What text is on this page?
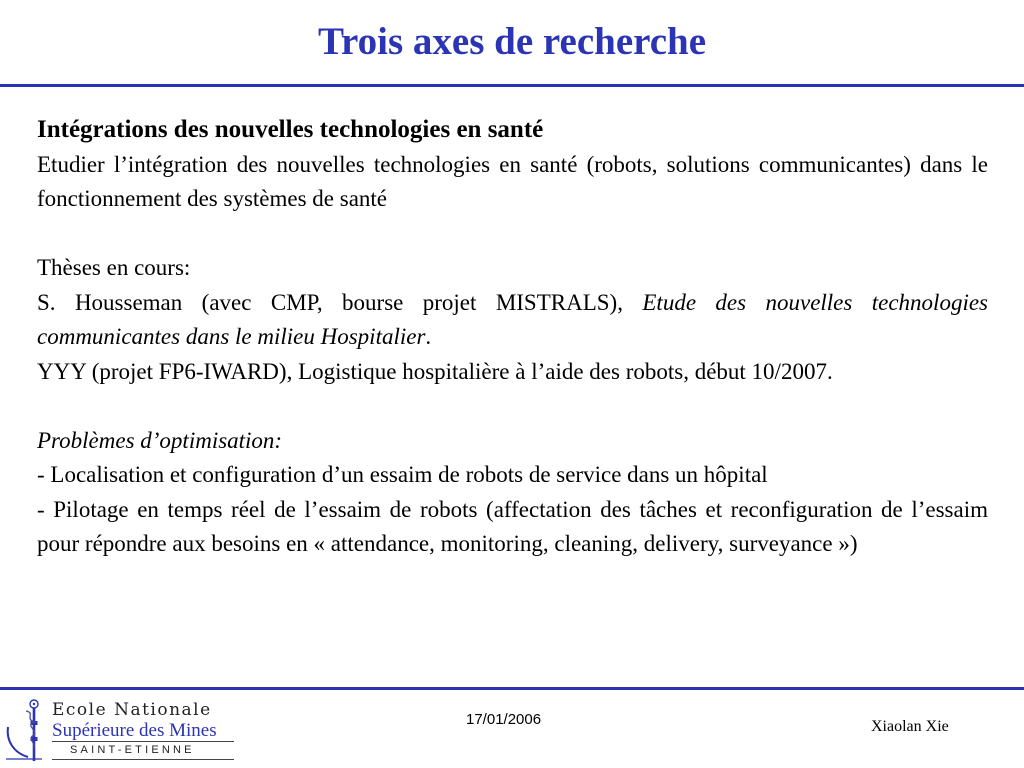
Trois axes de recherche

Intégrations des nouvelles technologies en santé

Etudier l’intégration des nouvelles technologies en santé (robots, solutions communicantes) dans le fonctionnement des systèmes de santé

Thèses en cours:

S. Housseman (avec CMP, bourse projet MISTRALS), Etude des nouvelles technologies communicantes dans le milieu Hospitalier.

YYY (projet FP6-IWARD), Logistique hospitalière à l’aide des robots, début 10/2007.

Problèmes d’optimisation:

- Localisation et configuration d’un essaim de robots de service dans un hôpital

- Pilotage en temps réel de l’essaim de robots (affectation des tâches et reconfiguration de l’essaim pour répondre aux besoins en « attendance, monitoring, cleaning, delivery, surveyance »)

Ecole Nationale
Supérieure des Mines
SAINT-ETIENNE
17/01/2006	Xiaolan Xie
